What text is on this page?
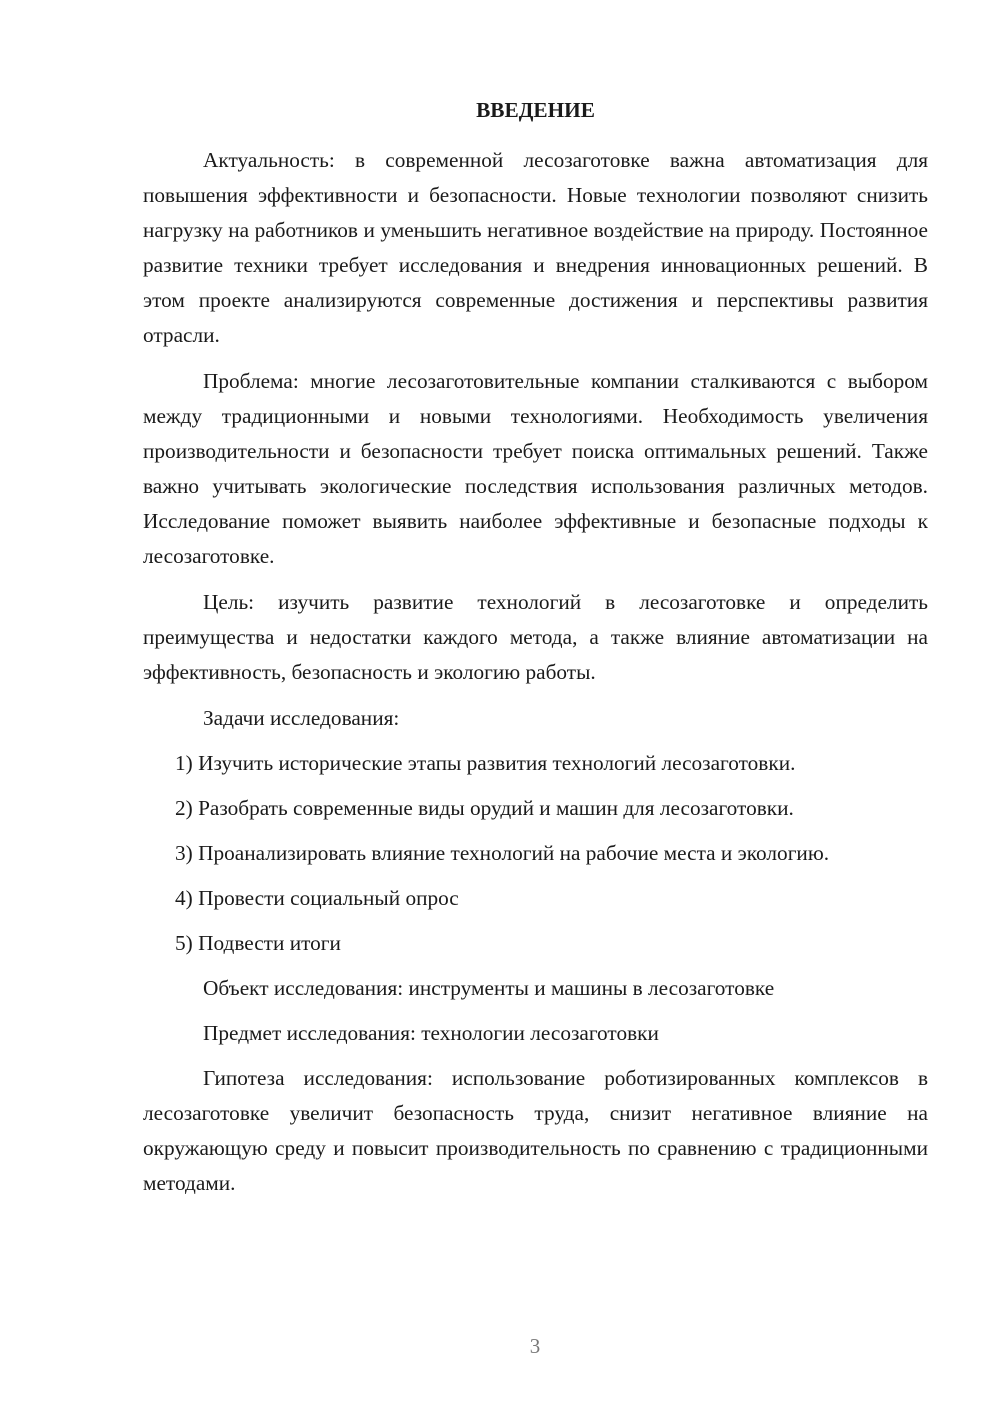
ВВЕДЕНИЕ

Актуальность: в современной лесозаготовке важна автоматизация для повышения эффективности и безопасности. Новые технологии позволяют снизить нагрузку на работников и уменьшить негативное воздействие на природу. Постоянное развитие техники требует исследования и внедрения инновационных решений. В этом проекте анализируются современные достижения и перспективы развития отрасли.

Проблема: многие лесозаготовительные компании сталкиваются с выбором между традиционными и новыми технологиями. Необходимость увеличения производительности и безопасности требует поиска оптимальных решений. Также важно учитывать экологические последствия использования различных методов. Исследование поможет выявить наиболее эффективные и безопасные подходы к лесозаготовке.

Цель: изучить развитие технологий в лесозаготовке и определить преимущества и недостатки каждого метода, а также влияние автоматизации на эффективность, безопасность и экологию работы.

Задачи исследования:

1) Изучить исторические этапы развития технологий лесозаготовки.

2) Разобрать современные виды орудий и машин для лесозаготовки.

3) Проанализировать влияние технологий на рабочие места и экологию.

4) Провести социальный опрос

5) Подвести итоги

Объект исследования: инструменты и машины в лесозаготовке

Предмет исследования: технологии лесозаготовки

Гипотеза исследования: использование роботизированных комплексов в лесозаготовке увеличит безопасность труда, снизит негативное влияние на окружающую среду и повысит производительность по сравнению с традиционными методами.

3
